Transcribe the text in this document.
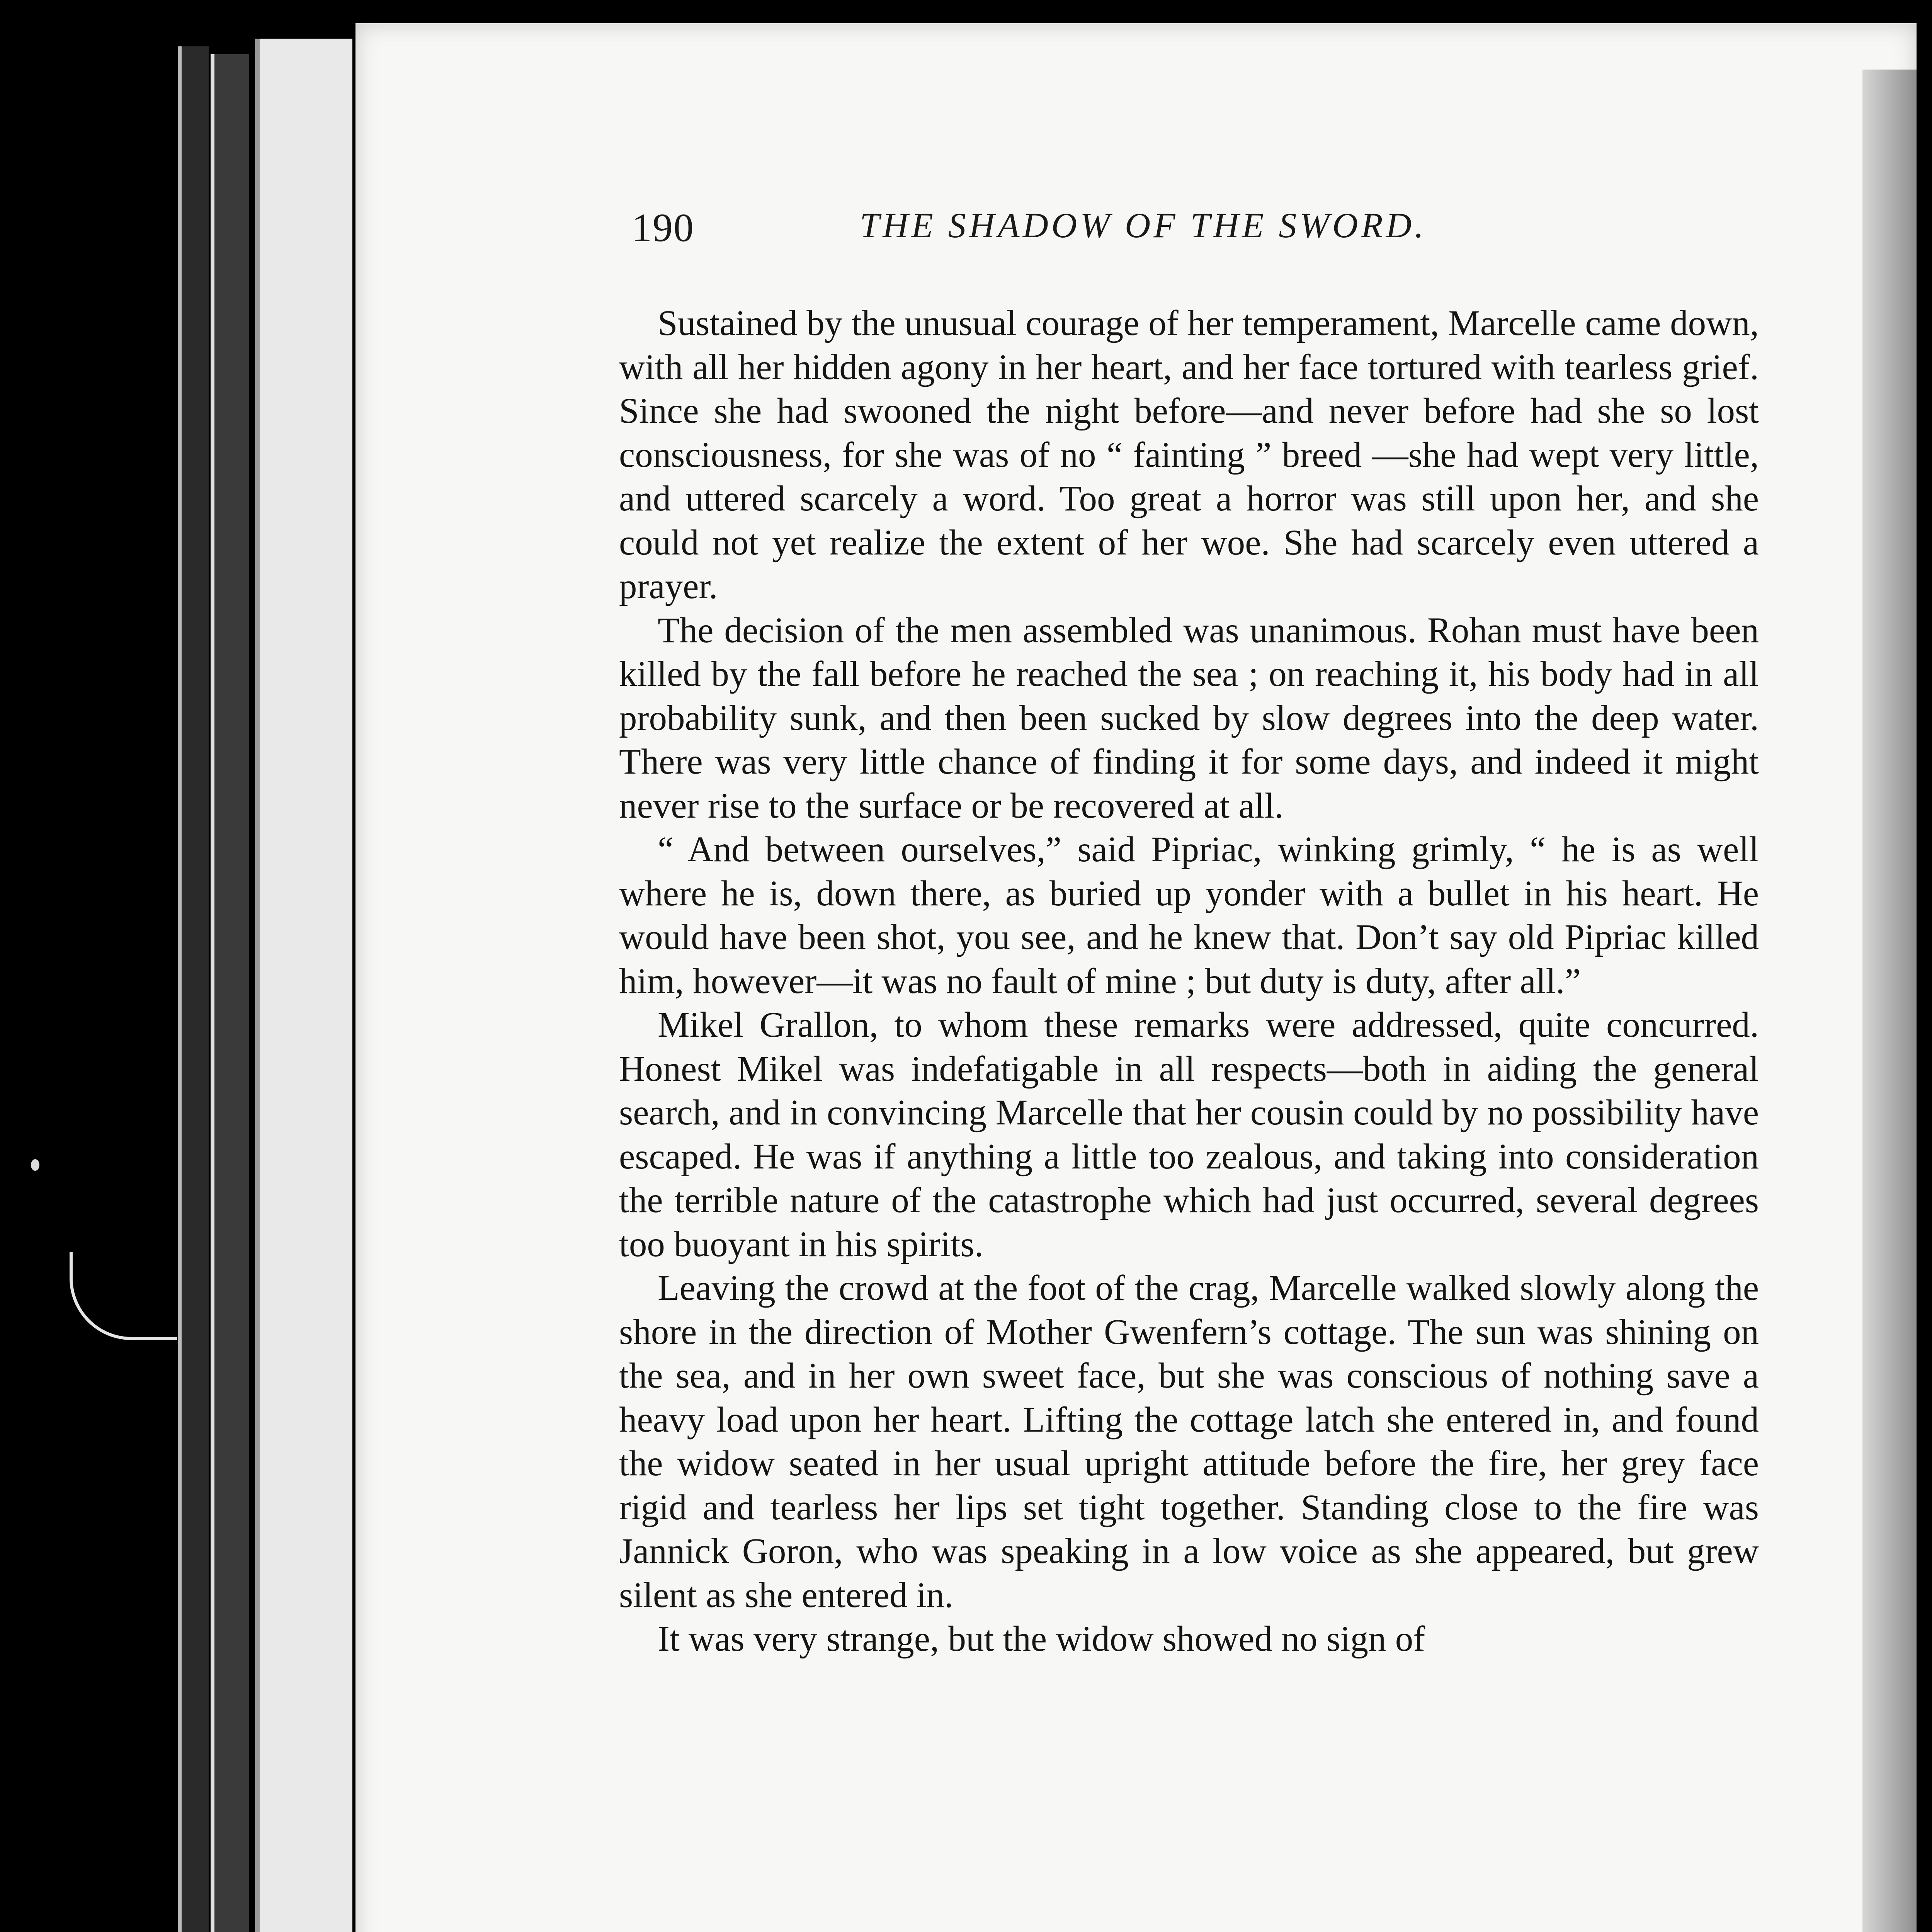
190	THE SHADOW OF THE SWORD.

Sustained by the unusual courage of her temperament, Marcelle came down, with all her hidden agony in her heart, and her face tortured with tearless grief. Since she had swooned the night before—and never before had she so lost consciousness, for she was of no “ fainting ” breed —she had wept very little, and uttered scarcely a word. Too great a horror was still upon her, and she could not yet realize the extent of her woe. She had scarcely even uttered a prayer.

The decision of the men assembled was unanimous. Rohan must have been killed by the fall before he reached the sea ; on reaching it, his body had in all probability sunk, and then been sucked by slow degrees into the deep water. There was very little chance of finding it for some days, and indeed it might never rise to the surface or be recovered at all.

“ And between ourselves,” said Pipriac, winking grimly, “ he is as well where he is, down there, as buried up yonder with a bullet in his heart. He would have been shot, you see, and he knew that. Don’t say old Pipriac killed him, however—it was no fault of mine ; but duty is duty, after all.”

Mikel Grallon, to whom these remarks were addressed, quite concurred. Honest Mikel was indefatigable in all respects—both in aiding the general search, and in convincing Marcelle that her cousin could by no possibility have escaped. He was if anything a little too zealous, and taking into consideration the terrible nature of the catastrophe which had just occurred, several degrees too buoyant in his spirits.

Leaving the crowd at the foot of the crag, Marcelle walked slowly along the shore in the direction of Mother Gwenfern’s cottage. The sun was shining on the sea, and in her own sweet face, but she was conscious of nothing save a heavy load upon her heart. Lifting the cottage latch she entered in, and found the widow seated in her usual upright attitude before the fire, her grey face rigid and tearless her lips set tight together. Standing close to the fire was Jannick Goron, who was speaking in a low voice as she appeared, but grew silent as she entered in.

It was very strange, but the widow showed no sign of
